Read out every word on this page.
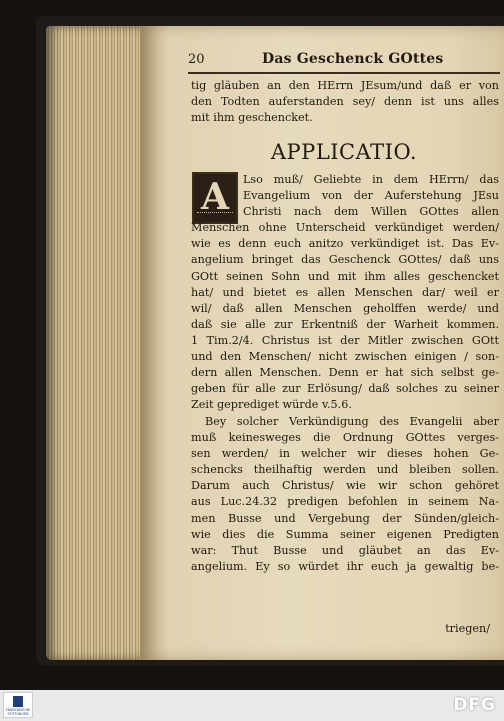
20	Das Geschenck GOttes
tig gläuben an den HErrn JEsum/und daß er von
den Todten auferstanden sey/ denn ist uns alles
mit ihm geschencket.
APPLICATIO.
A	Lso muß/ Geliebte in dem HErrn/ das
Evangelium von der Auferstehung JEsu
Christi nach dem Willen GOttes allen
Menschen ohne Unterscheid verkündiget werden/
wie es denn euch anitzo verkündiget ist. Das Ev-
angelium bringet das Geschenck GOttes/ daß uns
GOtt seinen Sohn und mit ihm alles geschencket
hat/ und bietet es allen Menschen dar/ weil er
wil/ daß allen Menschen geholffen werde/ und
daß sie alle zur Erkentniß der Warheit kommen.
1 Tim.2/4. Christus ist der Mitler zwischen GOtt
und den Menschen/ nicht zwischen einigen / son-
dern allen Menschen. Denn er hat sich selbst ge-
geben für alle zur Erlösung/ daß solches zu seiner
Zeit geprediget würde v.5.6.
Bey solcher Verkündigung des Evangelii aber
muß keinesweges die Ordnung GOttes verges-
sen werden/ in welcher wir dieses hohen Ge-
schencks theilhaftig werden und bleiben sollen.
Darum auch Christus/ wie wir schon gehöret
aus Luc.24.32 predigen befohlen in seinem Na-
men Busse und Vergebung der Sünden/gleich-
wie dies die Summa seiner eigenen Predigten
war: Thut Busse und gläubet an das Ev-
angelium. Ey so würdet ihr euch ja gewaltig be-
triegen/
FRANCKESCHE STIFTUNGEN	DFG
